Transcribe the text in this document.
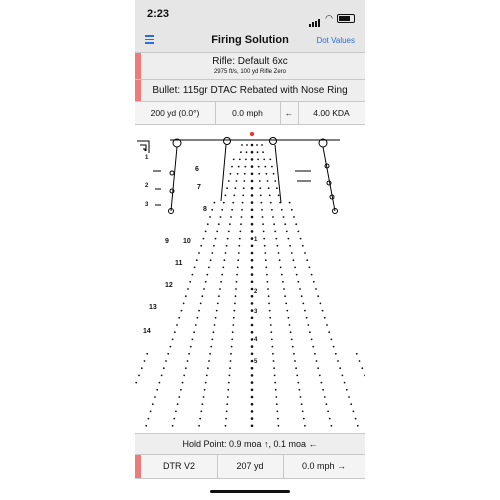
2:23	◠
Firing Solution	Dot Values
Rifle: Default 6xc
2975 ft/s, 100 yd Rifle Zero
Bullet: 115gr DTAC Rebated with Nose Ring
200 yd (0.0°)	0.0 mph	←	4.00 KDA
1
2
3
6
7
8
9 10
11
12
13
14
1
2
3
4
5
Hold Point: 0.9 moa ↑, 0.1 moa ←
DTR V2	207 yd	0.0 mph →
